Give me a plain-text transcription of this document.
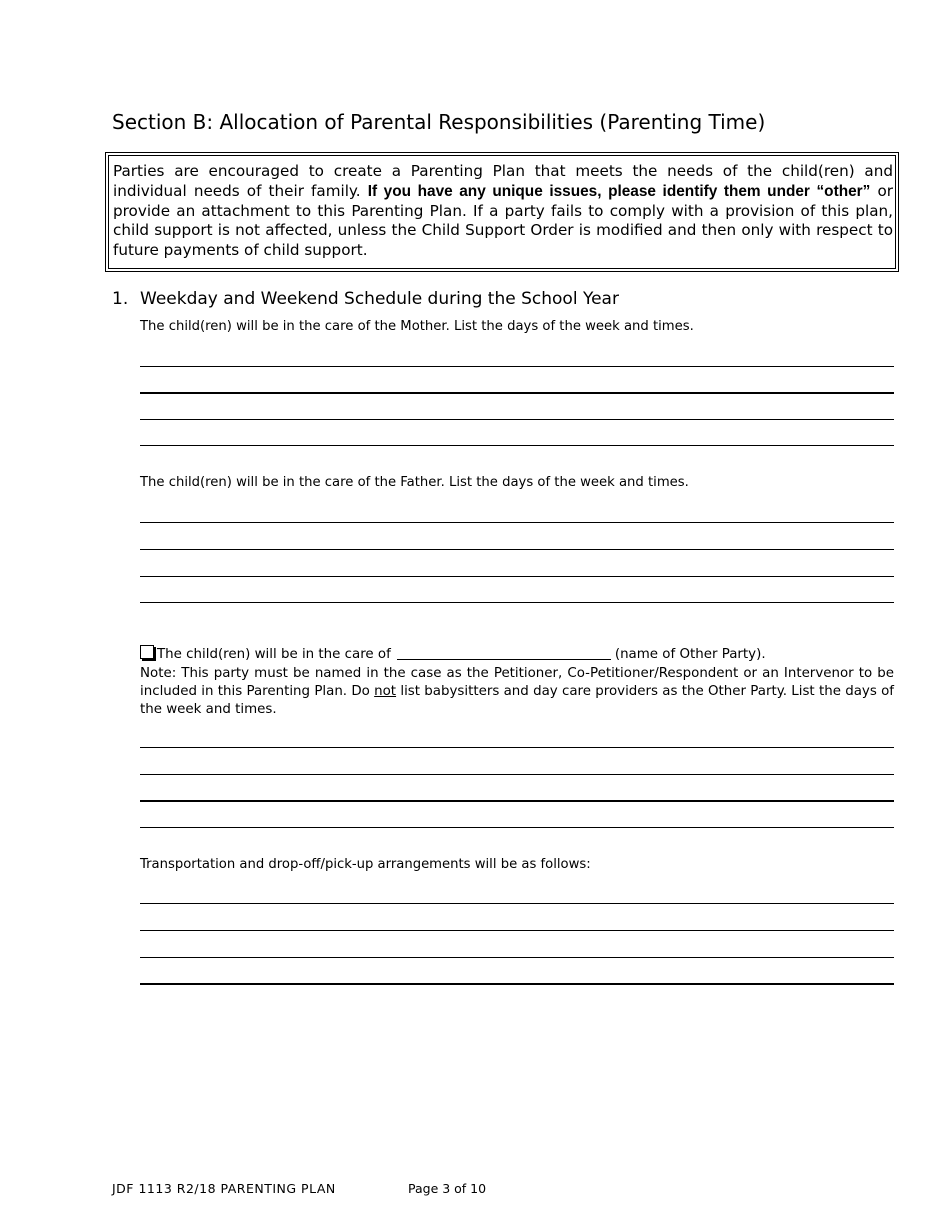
Section B: Allocation of Parental Responsibilities (Parenting Time)
Parties are encouraged to create a Parenting Plan that meets the needs of the child(ren) and individual needs of their family. If you have any unique issues, please identify them under “other” or provide an attachment to this Parenting Plan. If a party fails to comply with a provision of this plan, child support is not affected, unless the Child Support Order is modified and then only with respect to future payments of child support.
1. Weekday and Weekend Schedule during the School Year
The child(ren) will be in the care of the Mother. List the days of the week and times.
The child(ren) will be in the care of the Father. List the days of the week and times.
The child(ren) will be in the care of	(name of Other Party).
Note: This party must be named in the case as the Petitioner, Co-Petitioner/Respondent or an Intervenor to be included in this Parenting Plan. Do not list babysitters and day care providers as the Other Party. List the days of the week and times.
Transportation and drop-off/pick-up arrangements will be as follows:
JDF 1113 R2/18 PARENTING PLAN	Page 3 of 10
